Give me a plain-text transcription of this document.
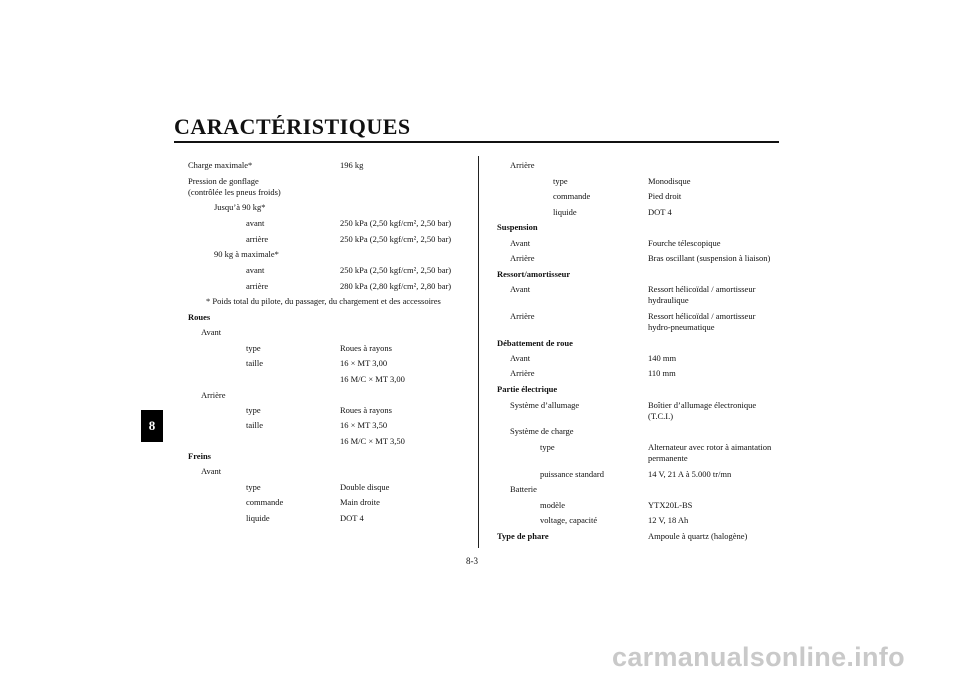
CARACTÉRISTIQUES
8
Charge maximale*	196 kg
Pression de gonflage
(contrôlée les pneus froids)
Jusqu’à 90 kg*
avant	250 kPa (2,50 kgf/cm², 2,50 bar)
arrière	250 kPa (2,50 kgf/cm², 2,50 bar)
90 kg à maximale*
avant	250 kPa (2,50 kgf/cm², 2,50 bar)
arrière	280 kPa (2,80 kgf/cm², 2,80 bar)
* Poids total du pilote, du passager, du chargement et des accessoires
Roues
Avant
type	Roues à rayons
taille	16 × MT 3,00
16 M/C × MT 3,00
Arrière
type	Roues à rayons
taille	16 × MT 3,50
16 M/C × MT 3,50
Freins
Avant
type	Double disque
commande	Main droite
liquide	DOT 4
Arrière
type	Monodisque
commande	Pied droit
liquide	DOT 4
Suspension
Avant	Fourche télescopique
Arrière	Bras oscillant (suspension à liaison)
Ressort/amortisseur
Avant	Ressort hélicoïdal / amortisseur
hydraulique
Arrière	Ressort hélicoïdal / amortisseur
hydro-pneumatique
Débattement de roue
Avant	140 mm
Arrière	110 mm
Partie électrique
Système d’allumage	Boîtier d’allumage électronique
(T.C.I.)
Système de charge
type	Alternateur avec rotor à aimantation
permanente
puissance standard	14 V, 21 A à 5.000 tr/mn
Batterie
modèle	YTX20L-BS
voltage, capacité	12 V, 18 Ah
Type de phare	Ampoule à quartz (halogène)
8-3
carmanualsonline.info
